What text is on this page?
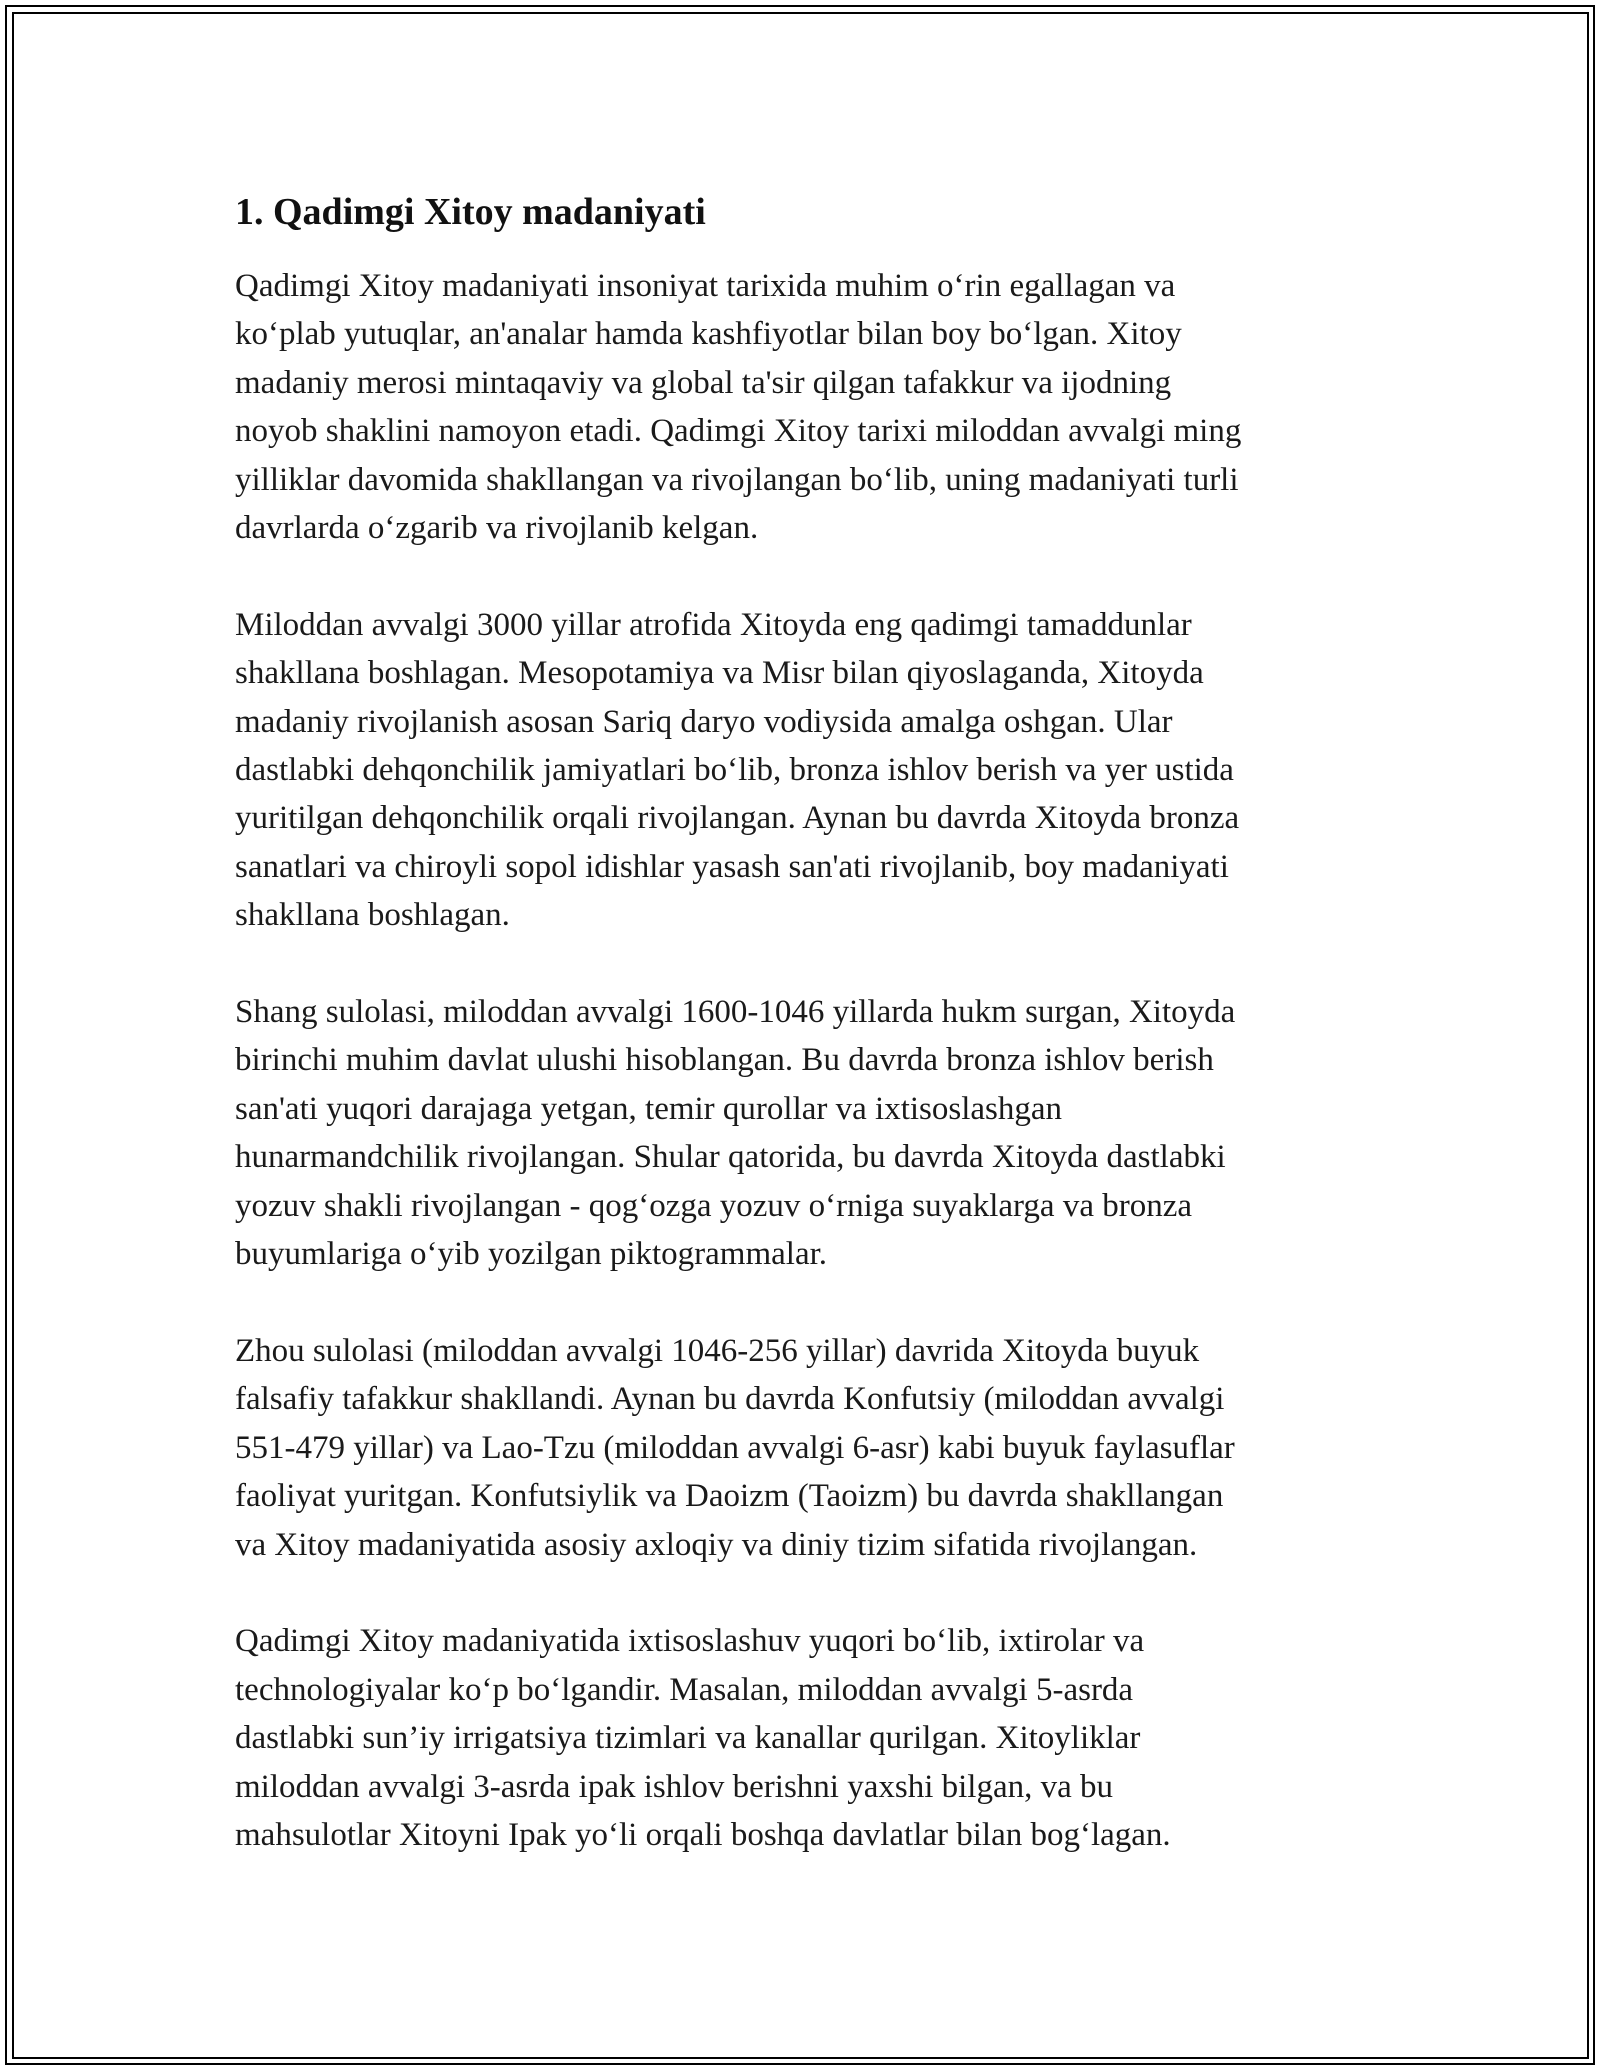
1. Qadimgi Xitoy madaniyati

Qadimgi Xitoy madaniyati insoniyat tarixida muhim o‘rin egallagan va
ko‘plab yutuqlar, an'analar hamda kashfiyotlar bilan boy bo‘lgan. Xitoy
madaniy merosi mintaqaviy va global ta'sir qilgan tafakkur va ijodning
noyob shaklini namoyon etadi. Qadimgi Xitoy tarixi miloddan avvalgi ming
yilliklar davomida shakllangan va rivojlangan bo‘lib, uning madaniyati turli
davrlarda o‘zgarib va rivojlanib kelgan.

Miloddan avvalgi 3000 yillar atrofida Xitoyda eng qadimgi tamaddunlar
shakllana boshlagan. Mesopotamiya va Misr bilan qiyoslaganda, Xitoyda
madaniy rivojlanish asosan Sariq daryo vodiysida amalga oshgan. Ular
dastlabki dehqonchilik jamiyatlari bo‘lib, bronza ishlov berish va yer ustida
yuritilgan dehqonchilik orqali rivojlangan. Aynan bu davrda Xitoyda bronza
sanatlari va chiroyli sopol idishlar yasash san'ati rivojlanib, boy madaniyati
shakllana boshlagan.

Shang sulolasi, miloddan avvalgi 1600-1046 yillarda hukm surgan, Xitoyda
birinchi muhim davlat ulushi hisoblangan. Bu davrda bronza ishlov berish
san'ati yuqori darajaga yetgan, temir qurollar va ixtisoslashgan
hunarmandchilik rivojlangan. Shular qatorida, bu davrda Xitoyda dastlabki
yozuv shakli rivojlangan - qog‘ozga yozuv o‘rniga suyaklarga va bronza
buyumlariga o‘yib yozilgan piktogrammalar.

Zhou sulolasi (miloddan avvalgi 1046-256 yillar) davrida Xitoyda buyuk
falsafiy tafakkur shakllandi. Aynan bu davrda Konfutsiy (miloddan avvalgi
551-479 yillar) va Lao-Tzu (miloddan avvalgi 6-asr) kabi buyuk faylasuflar
faoliyat yuritgan. Konfutsiylik va Daoizm (Taoizm) bu davrda shakllangan
va Xitoy madaniyatida asosiy axloqiy va diniy tizim sifatida rivojlangan.

Qadimgi Xitoy madaniyatida ixtisoslashuv yuqori bo‘lib, ixtirolar va
technologiyalar ko‘p bo‘lgandir. Masalan, miloddan avvalgi 5-asrda
dastlabki sun’iy irrigatsiya tizimlari va kanallar qurilgan. Xitoyliklar
miloddan avvalgi 3-asrda ipak ishlov berishni yaxshi bilgan, va bu
mahsulotlar Xitoyni Ipak yo‘li orqali boshqa davlatlar bilan bog‘lagan.
